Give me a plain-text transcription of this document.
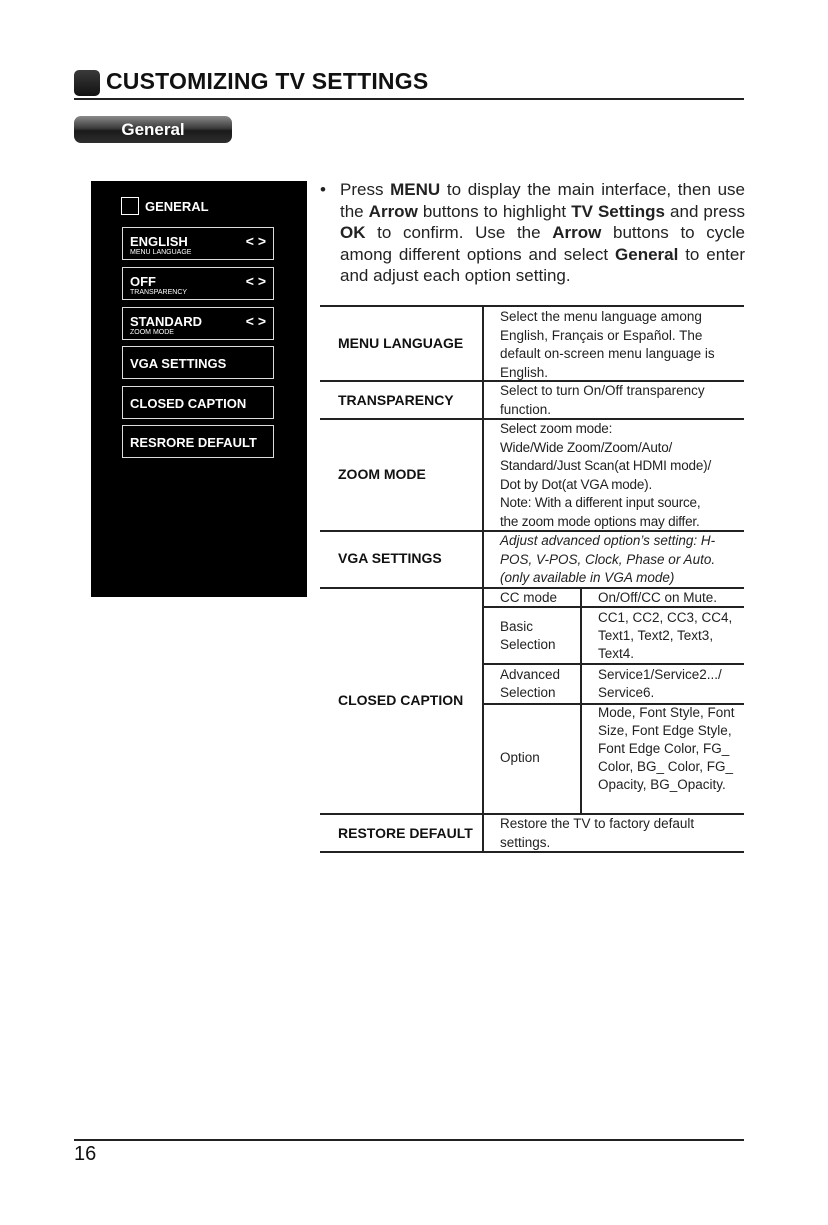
CUSTOMIZING TV SETTINGS
General
GENERAL
ENGLISH
MENU LANGUAGE
< >
OFF
TRANSPARENCY
< >
STANDARD
ZOOM MODE
< >
VGA SETTINGS
CLOSED CAPTION
RESRORE DEFAULT
• Press MENU to display the main interface, then use the Arrow buttons to highlight TV Settings and press OK to confirm. Use the Arrow buttons to cycle among different options and select General to enter and adjust each option setting.
MENU LANGUAGE
Select the menu language among English, Français or Español. The default on-screen menu language is English.
TRANSPARENCY
Select to turn On/Off transparency function.
ZOOM MODE
Select zoom mode:
Wide/Wide Zoom/Zoom/Auto/
Standard/Just Scan(at HDMI mode)/
Dot by Dot(at VGA mode).
Note: With a different input source,
the zoom mode options may differ.
VGA SETTINGS
Adjust advanced option’s setting: H-POS, V-POS, Clock, Phase or Auto. (only available in VGA mode)
CLOSED CAPTION
CC mode	On/Off/CC on Mute.
Basic Selection
CC1, CC2, CC3, CC4, Text1, Text2, Text3, Text4.
Advanced Selection
Service1/Service2.../ Service6.
Option
Mode, Font Style, Font Size, Font Edge Style, Font Edge Color, FG_ Color, BG_ Color, FG_ Opacity, BG_Opacity.
RESTORE DEFAULT
Restore the TV to factory default settings.
16
